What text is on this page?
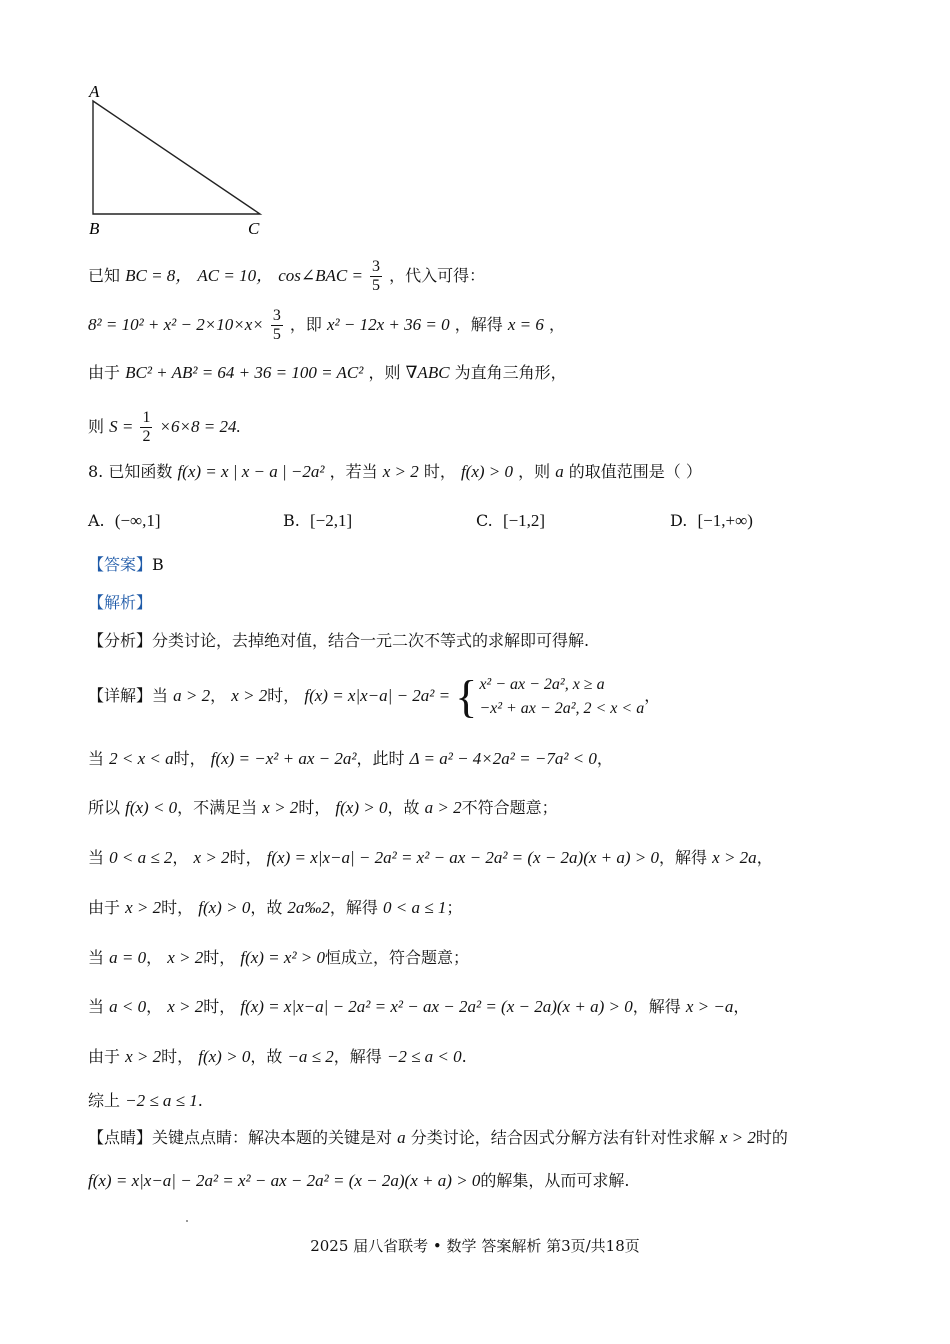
A
B	C
已知 BC = 8， AC = 10， cos∠BAC = $\frac{3}{5}$ ，代入可得：
$8^2 = 10^2 + x^2 - 2\times 10\times x\times \frac{3}{5}$ ，即 x² − 12x + 36 = 0 ，解得 x = 6 ，
由于 BC² + AB² = 64 + 36 = 100 = AC² ，则 ∇ABC 为直角三角形，
则 $S = \frac{1}{2} \times 6\times 8 = 24$.
8. 已知函数 f(x) = x | x − a | −2a² ，若当 x > 2 时， f(x) > 0 ，则 a 的取值范围是（ ）
A. (−∞,1]	B. [−2,1]	C. [−1,2]	D. [−1,+∞)
【答案】B
【解析】
【分析】分类讨论，去掉绝对值，结合一元二次不等式的求解即可得解.
【详解】当 a > 2， x > 2时， f(x) = x|x−a| − 2a² = { x² − ax − 2a², x ≥ a
−x² + ax − 2a², 2 < x < a
，
当 2 < x < a时， f(x) = −x² + ax − 2a²，此时 Δ = a² − 4×2a² = −7a² < 0，
所以 f(x) < 0，不满足当 x > 2时， f(x) > 0，故 a > 2不符合题意；
当 0 < a ≤ 2， x > 2时， f(x) = x|x−a| − 2a² = x² − ax − 2a² = (x − 2a)(x + a) > 0，解得 x > 2a，
由于 x > 2时， f(x) > 0，故 2a‰2，解得 0 < a ≤ 1；
当 a = 0， x > 2时， f(x) = x² > 0恒成立，符合题意；
当 a < 0， x > 2时， f(x) = x|x−a| − 2a² = x² − ax − 2a² = (x − 2a)(x + a) > 0，解得 x > −a，
由于 x > 2时， f(x) > 0，故 −a ≤ 2，解得 −2 ≤ a < 0.
综上 −2 ≤ a ≤ 1.
【点睛】关键点点睛：解决本题的关键是对 a 分类讨论，结合因式分解方法有针对性求解 x > 2时的
f(x) = x|x−a| − 2a² = x² − ax − 2a² = (x − 2a)(x + a) > 0的解集，从而可求解.
2025 届八省联考 • 数学 答案解析 第3页/共18页
